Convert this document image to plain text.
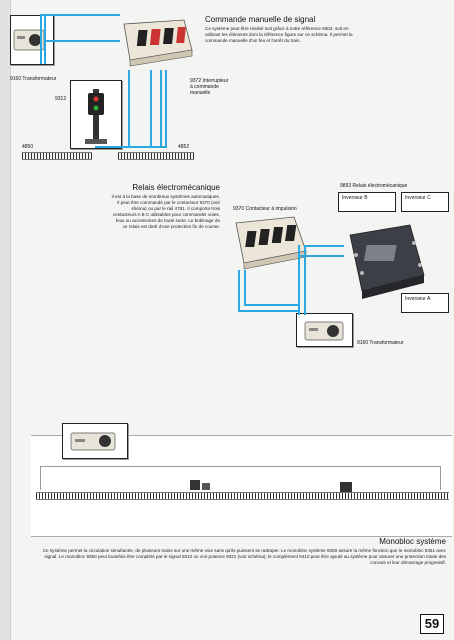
Commande manuelle de signal
Ce système peut être réalisé soit grâce à notre référence 9302, soit en utilisant les éléments dont la référence figure sur ce schéma. Il permet la commande manuelle d'un feu et l'arrêt du train.
9160 Transformateur	9372 Interrupteur à commande manuelle
9312
4850	4852
Relais électromécanique
Il est à la base de nombreux systèmes automatiques. Il peut être commandé par le contacteur 9370 (voir shéma) ou par le rail 4781. Il comporte trois contacteurs A B C utilisables pour commander voies, feux ou accessoires de toute sorte. Le bobinage de ce relais est doté d'une protection fin de course.
9893 Relais électromécanique
9370 Contacteur à impulsion
Inverseur B	Inverseur C
Inverseur A
9160 Transformateur
Monobloc système
Ce système permet la circulation simultanée, de plusieurs trains sur une même voie sans qu'ils puissent se rattraper. Le monobloc système 9360 assure la même fonction que le monobloc 9351 avec signal. Le monobloc 9360 peut toutefois être complété par le signal 9312 ou voir potence 9321 (voir schéma); le complément 9410 peut être ajouté au système pour assurer une protection totale des convois et leur démarrage progressif.
59
